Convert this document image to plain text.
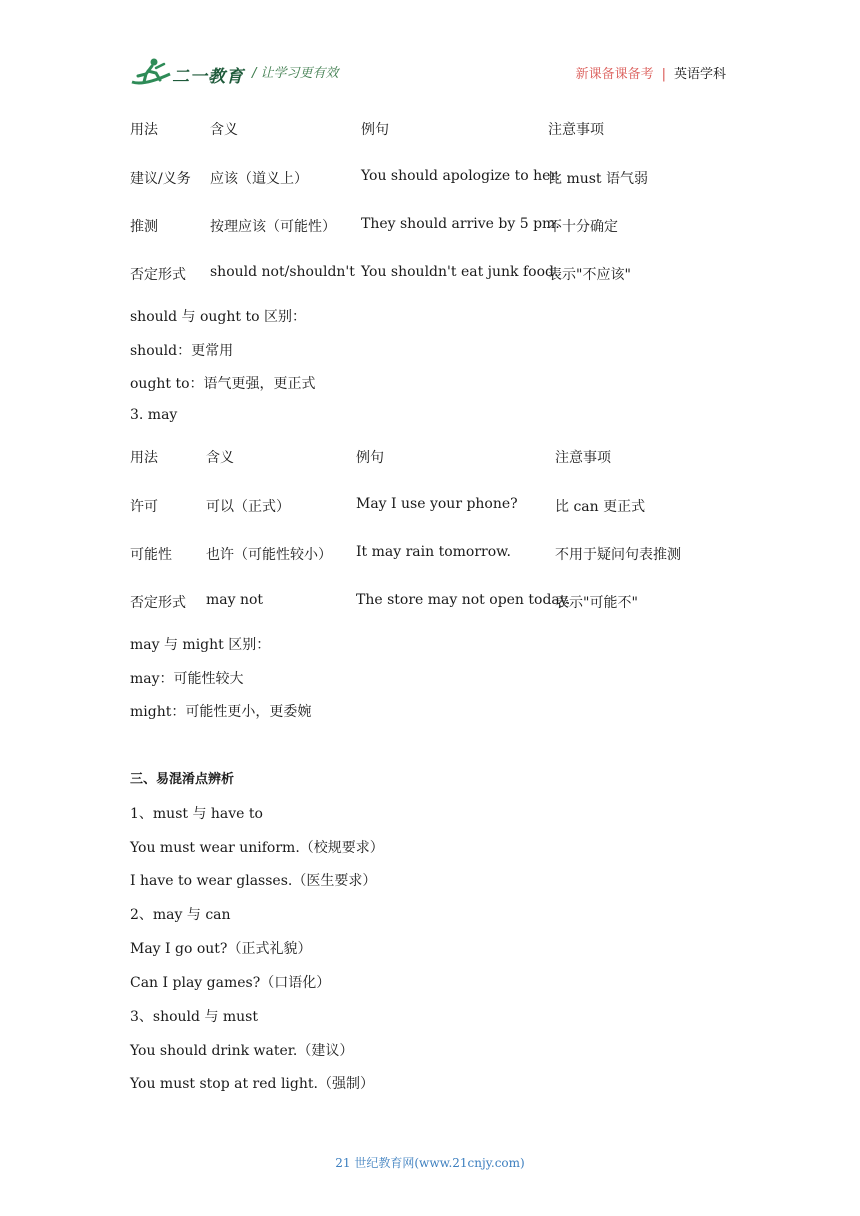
二一教育 / 让学习更有效	新课备课备考 | 英语学科
用法	含义	例句	注意事项
建议/义务 应该（道义上）	You should apologize to her.
比 must 语气弱
推测	按理应该（可能性） They should arrive by 5 pm.
不十分确定
否定形式 should not/shouldn't You shouldn't eat junk food.
表示"不应该"
should 与 ought to 区别：
should：更常用
ought to：语气更强，更正式
3. may
用法	含义	例句	注意事项
许可	可以（正式）	May I use your phone?	比 can 更正式
可能性 也许（可能性较小） It may rain tomorrow.	不用于疑问句表推测
否定形式 may not	The store may not open today.
表示"可能不"
may 与 might 区别：
may：可能性较大
might：可能性更小，更委婉
三、易混淆点辨析
1、must 与 have to
You must wear uniform.（校规要求）
I have to wear glasses.（医生要求）
2、may 与 can
May I go out?（正式礼貌）
Can I play games?（口语化）
3、should 与 must
You should drink water.（建议）
You must stop at red light.（强制）
21 世纪教育网(www.21cnjy.com)
